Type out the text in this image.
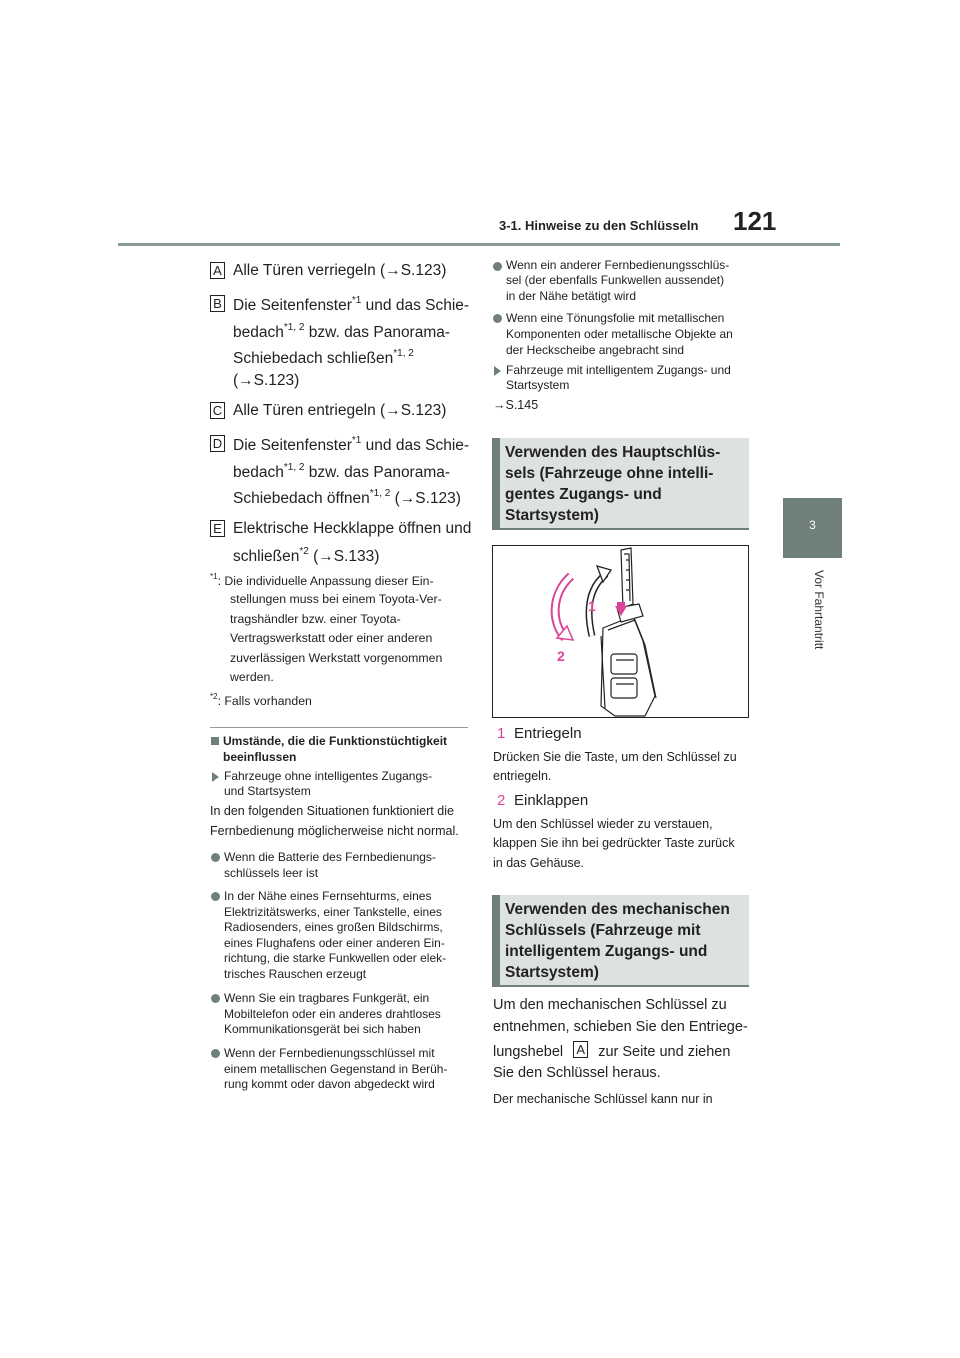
3-1. Hinweise zu den Schlüsseln 121
3
Vor Fahrtantritt
A Alle Türen verriegeln (→S.123)
B Die Seitenfenster$^{*1}$ und das Schie-
bedach$^{*1, 2}$ bzw. das Panorama-
Schiebedach schließen$^{*1, 2}$
(→S.123)
C Alle Türen entriegeln (→S.123)
D Die Seitenfenster$^{*1}$ und das Schie-
bedach$^{*1, 2}$ bzw. das Panorama-
Schiebedach öffnen$^{*1, 2}$ (→S.123)
E Elektrische Heckklappe öffnen und
schließen$^{*2}$ (→S.133)
$^{*1}$: Die individuelle Anpassung dieser Ein-
stellungen muss bei einem Toyota-Ver-
tragshändler bzw. einer Toyota-
Vertragswerkstatt oder einer anderen
zuverlässigen Werkstatt vorgenommen
werden.
$^{*2}$: Falls vorhanden
Umstände, die die Funktionstüchtigkeit
beeinflussen
Fahrzeuge ohne intelligentes Zugangs-
und Startsystem
In den folgenden Situationen funktioniert die
Fernbedienung möglicherweise nicht normal.
Wenn die Batterie des Fernbedienungs-
schlüssels leer ist
In der Nähe eines Fernsehturms, eines
Elektrizitätswerks, einer Tankstelle, eines
Radiosenders, eines großen Bildschirms,
eines Flughafens oder einer anderen Ein-
richtung, die starke Funkwellen oder elek-
trisches Rauschen erzeugt
Wenn Sie ein tragbares Funkgerät, ein
Mobiltelefon oder ein anderes drahtloses
Kommunikationsgerät bei sich haben
Wenn der Fernbedienungsschlüssel mit
einem metallischen Gegenstand in Berüh-
rung kommt oder davon abgedeckt wird
Wenn ein anderer Fernbedienungsschlüs-
sel (der ebenfalls Funkwellen aussendet)
in der Nähe betätigt wird
Wenn eine Tönungsfolie mit metallischen
Komponenten oder metallische Objekte an
der Heckscheibe angebracht sind
Fahrzeuge mit intelligentem Zugangs- und
Startsystem
→S.145
Verwenden des Hauptschlüs-
sels (Fahrzeuge ohne intelli-
gentes Zugangs- und
Startsystem)
1
2
1 Entriegeln
Drücken Sie die Taste, um den Schlüssel zu
entriegeln.
2 Einklappen
Um den Schlüssel wieder zu verstauen,
klappen Sie ihn bei gedrückter Taste zurück
in das Gehäuse.
Verwenden des mechanischen
Schlüssels (Fahrzeuge mit
intelligentem Zugangs- und
Startsystem)
Um den mechanischen Schlüssel zu
entnehmen, schieben Sie den Entriege-
lungshebel A zur Seite und ziehen
Sie den Schlüssel heraus.
Der mechanische Schlüssel kann nur in
